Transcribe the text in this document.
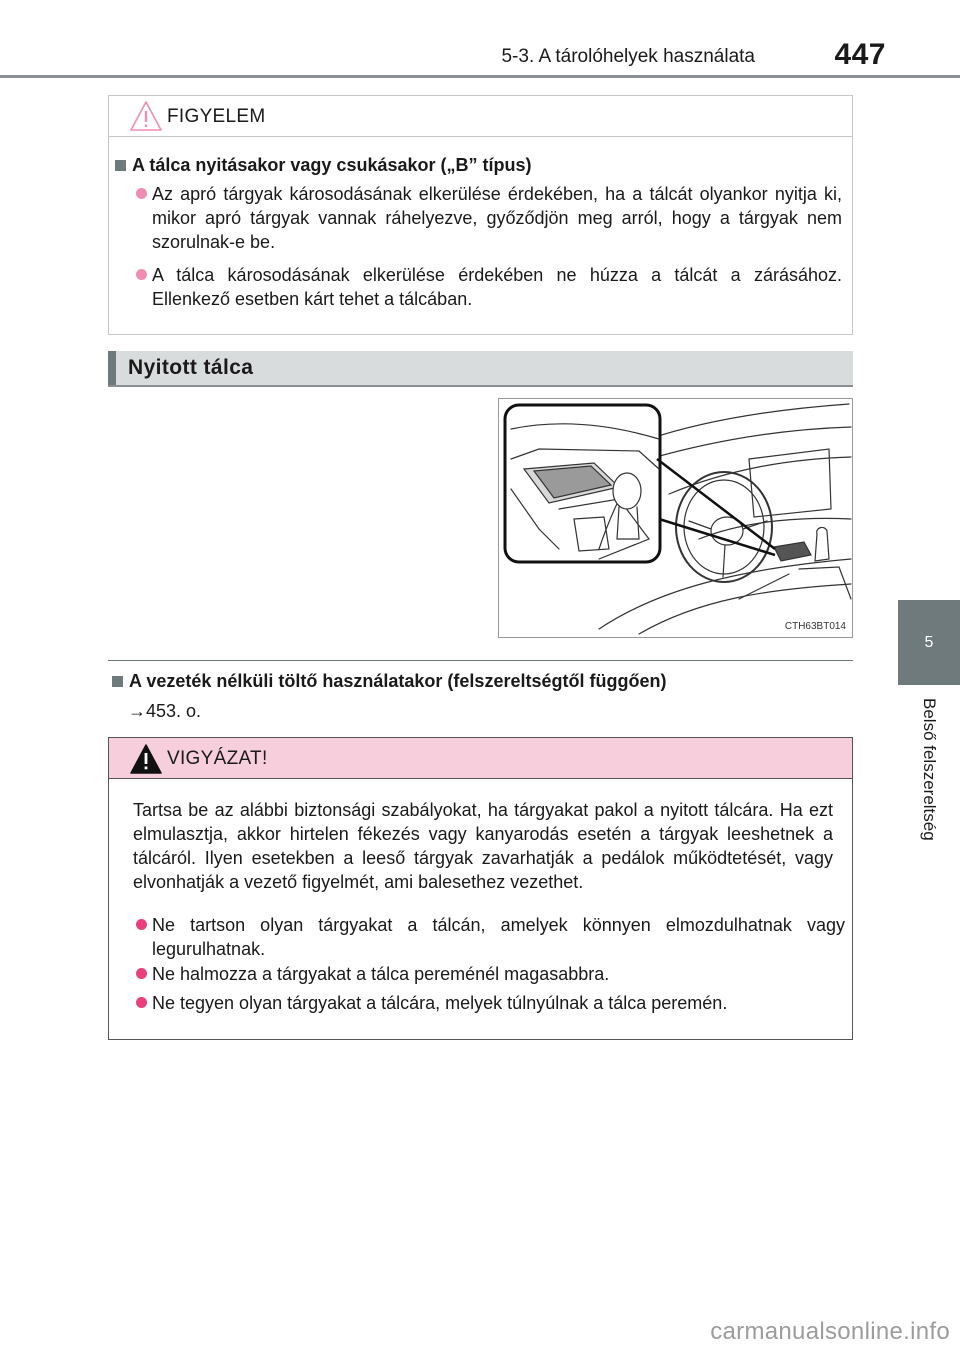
5-3. A tárolóhelyek használata	447
5
Belső felszereltség
FIGYELEM
A tálca nyitásakor vagy csukásakor („B” típus)
Az apró tárgyak károsodásának elkerülése érdekében, ha a tálcát olyankor nyitja ki, mikor apró tárgyak vannak ráhelyezve, győződjön meg arról, hogy a tárgyak nem szorulnak-e be.
A tálca károsodásának elkerülése érdekében ne húzza a tálcát a zárásához. Ellenkező esetben kárt tehet a tálcában.
Nyitott tálca
CTH63BT014
A vezeték nélküli töltő használatakor (felszereltségtől függően)
→453. o.
VIGYÁZAT!
Tartsa be az alábbi biztonsági szabályokat, ha tárgyakat pakol a nyitott tálcára. Ha ezt elmulasztja, akkor hirtelen fékezés vagy kanyarodás esetén a tárgyak leeshetnek a tálcáról. Ilyen esetekben a leeső tárgyak zavarhatják a pedálok működtetését, vagy elvonhatják a vezető figyelmét, ami balesethez vezethet.
Ne tartson olyan tárgyakat a tálcán, amelyek könnyen elmozdulhatnak vagy legurulhatnak.
Ne halmozza a tárgyakat a tálca pereménél magasabbra.
Ne tegyen olyan tárgyakat a tálcára, melyek túlnyúlnak a tálca peremén.
carmanualsonline.info
